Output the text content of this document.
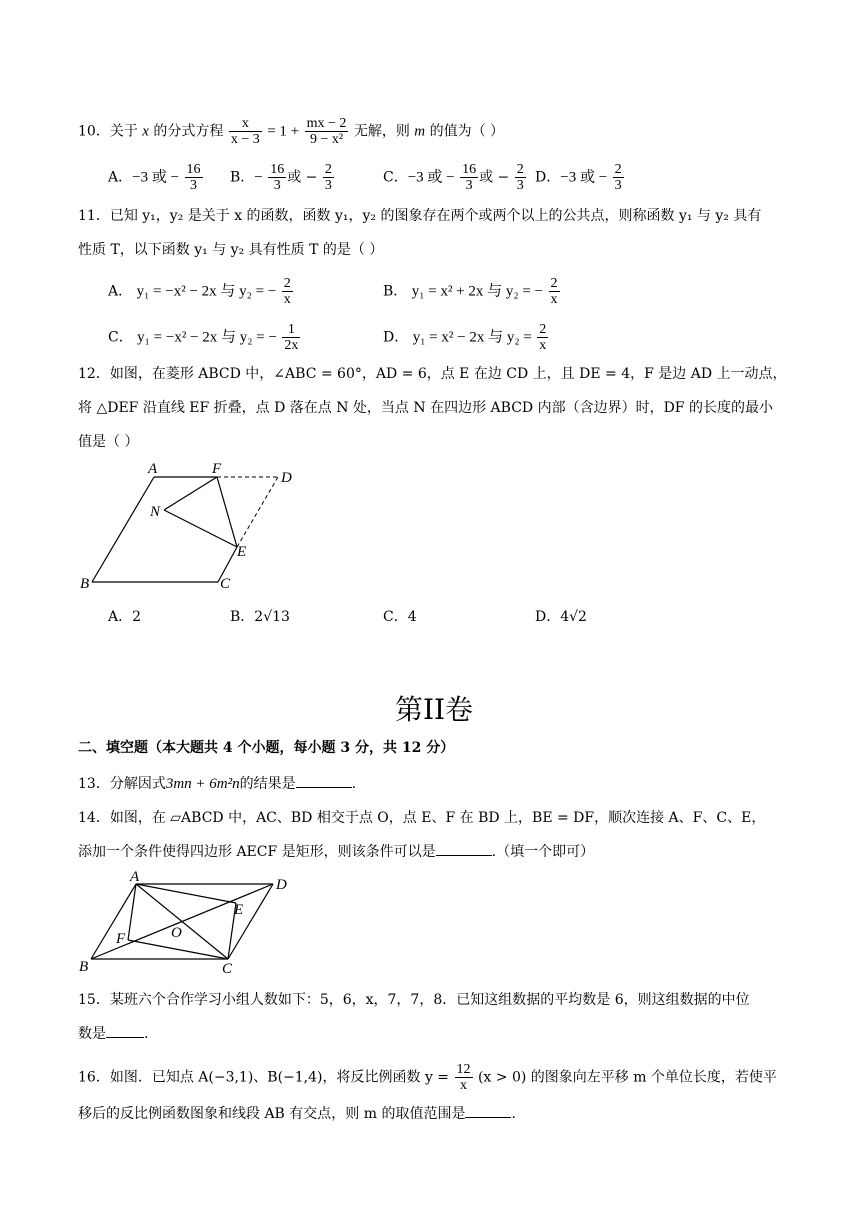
10．关于 x 的分式方程 $\frac{x}{x - 3} = 1 + \frac{mx - 2}{\text{9 − x²}}$ 无解，则 m 的值为（ ）
A．−3 或 − $\frac{16}{3}$ B．− $\frac{16}{3}$ 或 − $\frac{2}{3}$	C．−3 或 − $\frac{16}{3}$ 或 − $\frac{2}{3}$ D．−3 或 − $\frac{2}{3}$
11．已知 y₁，y₂ 是关于 x 的函数，函数 y₁，y₂ 的图象存在两个或两个以上的公共点，则称函数 y₁ 与 y₂ 具有
性质 T，以下函数 y₁ 与 y₂ 具有性质 T 的是（ ）
A． y₁ = −x² − 2x 与 y₂ = − $\frac{2}{x}$	B． y₁ = x² + 2x 与 y₂ = − $\frac{2}{x}$
C． y₁ = −x² − 2x 与 y₂ = − $\frac{1}{2x}$	D． y₁ = x² − 2x 与 $y_2 = \frac{2}{x}$
12．如图，在菱形 ABCD 中，∠ABC = 60°，AD = 6，点 E 在边 CD 上，且 DE = 4，F 是边 AD 上一动点，
将 △DEF 沿直线 EF 折叠，点 D 落在点 N 处，当点 N 在四边形 ABCD 内部（含边界）时，DF 的长度的最小
值是（ ）
A	F
D
N
E
B	C
A．2	B．2√13	C．4	D．4√2
第II卷
二、填空题（本大题共 4 个小题，每小题 3 分，共 12 分）
13．分解因式3mn + 6m²n的结果是	.
14．如图，在 ▱ABCD 中，AC、BD 相交于点 O，点 E、F 在 BD 上，BE = DF，顺次连接 A、F、C、E，
添加一个条件使得四边形 AECF 是矩形，则该条件可以是	.（填一个即可）
A	D
E
O
F
B	C
15．某班六个合作学习小组人数如下：5，6，x，7，7，8．已知这组数据的平均数是 6，则这组数据的中位
数是	.
16．如图．已知点 A(−3,1)、B(−1,4)，将反比例函数 $y = \frac{12}{x} (x > 0)$ 的图象向左平移 m 个单位长度，若使平
移后的反比例函数图象和线段 AB 有交点，则 m 的取值范围是	.
